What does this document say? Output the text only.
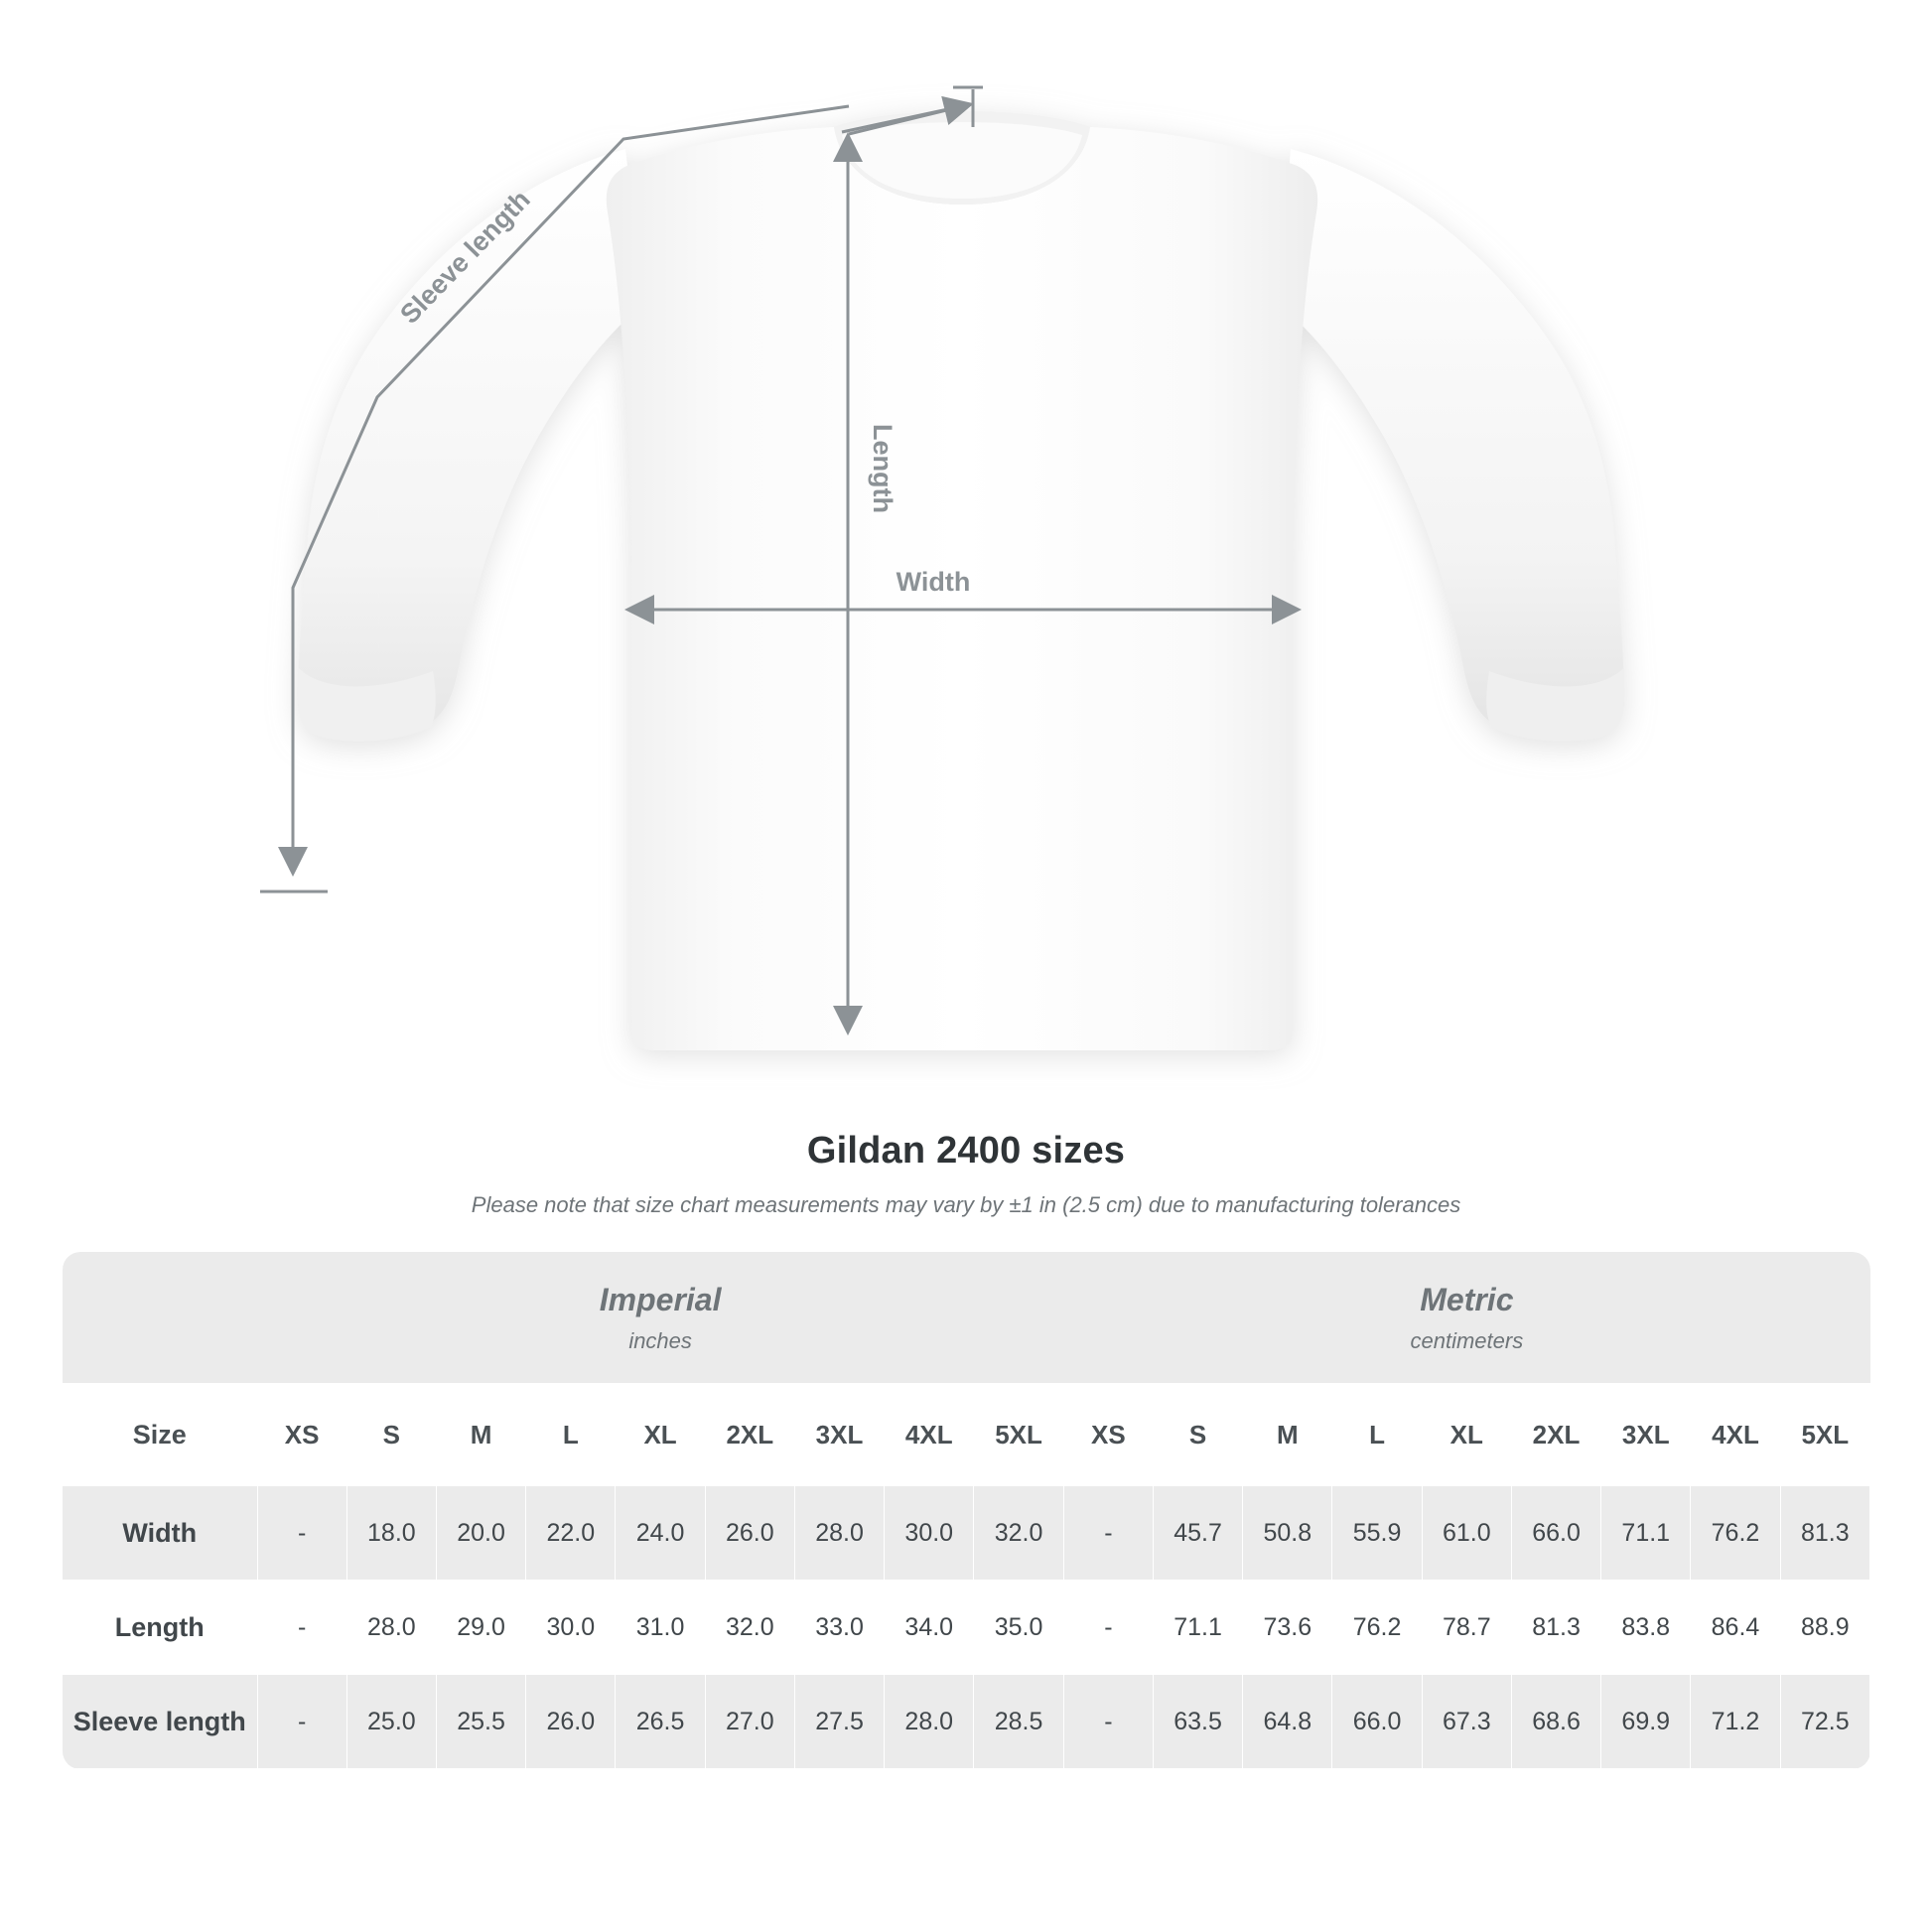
Length
Width
Sleeve length
Gildan 2400 sizes
Please note that size chart measurements may vary by ±1 in (2.5 cm) due to manufacturing tolerances

Imperial
inches

Metric
centimeters

Size	XS	S	M	L	XL	2XL	3XL	4XL	5XL	XS	S	M	L	XL	2XL	3XL	4XL	5XL
Width	-	18.0	20.0	22.0	24.0	26.0	28.0	30.0	32.0	-	45.7	50.8	55.9	61.0	66.0	71.1	76.2	81.3
Length	-	28.0	29.0	30.0	31.0	32.0	33.0	34.0	35.0	-	71.1	73.6	76.2	78.7	81.3	83.8	86.4	88.9
Sleeve length	-	25.0	25.5	26.0	26.5	27.0	27.5	28.0	28.5	-	63.5	64.8	66.0	67.3	68.6	69.9	71.2	72.5
